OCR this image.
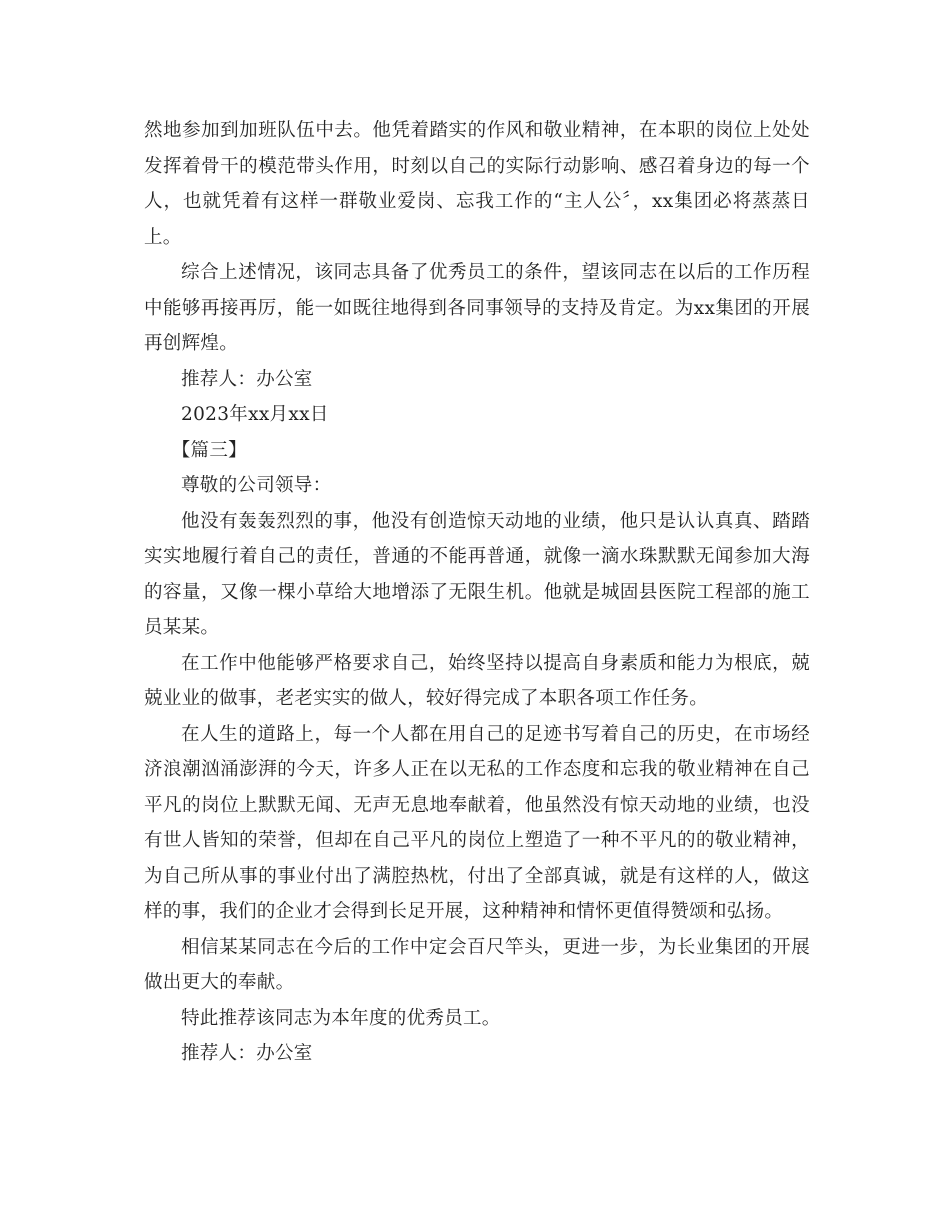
然地参加到加班队伍中去。他凭着踏实的作风和敬业精神，在本职的岗位上处处发挥着骨干的模范带头作用，时刻以自己的实际行动影响、感召着身边的每一个人，也就凭着有这样一群敬业爱岗、忘我工作的“主人公〞，xx集团必将蒸蒸日上。

综合上述情况，该同志具备了优秀员工的条件，望该同志在以后的工作历程中能够再接再厉，能一如既往地得到各同事领导的支持及肯定。为xx集团的开展再创辉煌。

推荐人：办公室

2023年xx月xx日

【篇三】

尊敬的公司领导：

他没有轰轰烈烈的事，他没有创造惊天动地的业绩，他只是认认真真、踏踏实实地履行着自己的责任，普通的不能再普通，就像一滴水珠默默无闻参加大海的容量，又像一棵小草给大地增添了无限生机。他就是城固县医院工程部的施工员某某。

在工作中他能够严格要求自己，始终坚持以提高自身素质和能力为根底，兢兢业业的做事，老老实实的做人，较好得完成了本职各项工作任务。

在人生的道路上，每一个人都在用自己的足迹书写着自己的历史，在市场经济浪潮汹涌澎湃的今天，许多人正在以无私的工作态度和忘我的敬业精神在自己平凡的岗位上默默无闻、无声无息地奉献着，他虽然没有惊天动地的业绩，也没有世人皆知的荣誉，但却在自己平凡的岗位上塑造了一种不平凡的的敬业精神，为自己所从事的事业付出了满腔热枕，付出了全部真诚，就是有这样的人，做这样的事，我们的企业才会得到长足开展，这种精神和情怀更值得赞颂和弘扬。

相信某某同志在今后的工作中定会百尺竿头，更进一步，为长业集团的开展做出更大的奉献。

特此推荐该同志为本年度的优秀员工。

推荐人：办公室
